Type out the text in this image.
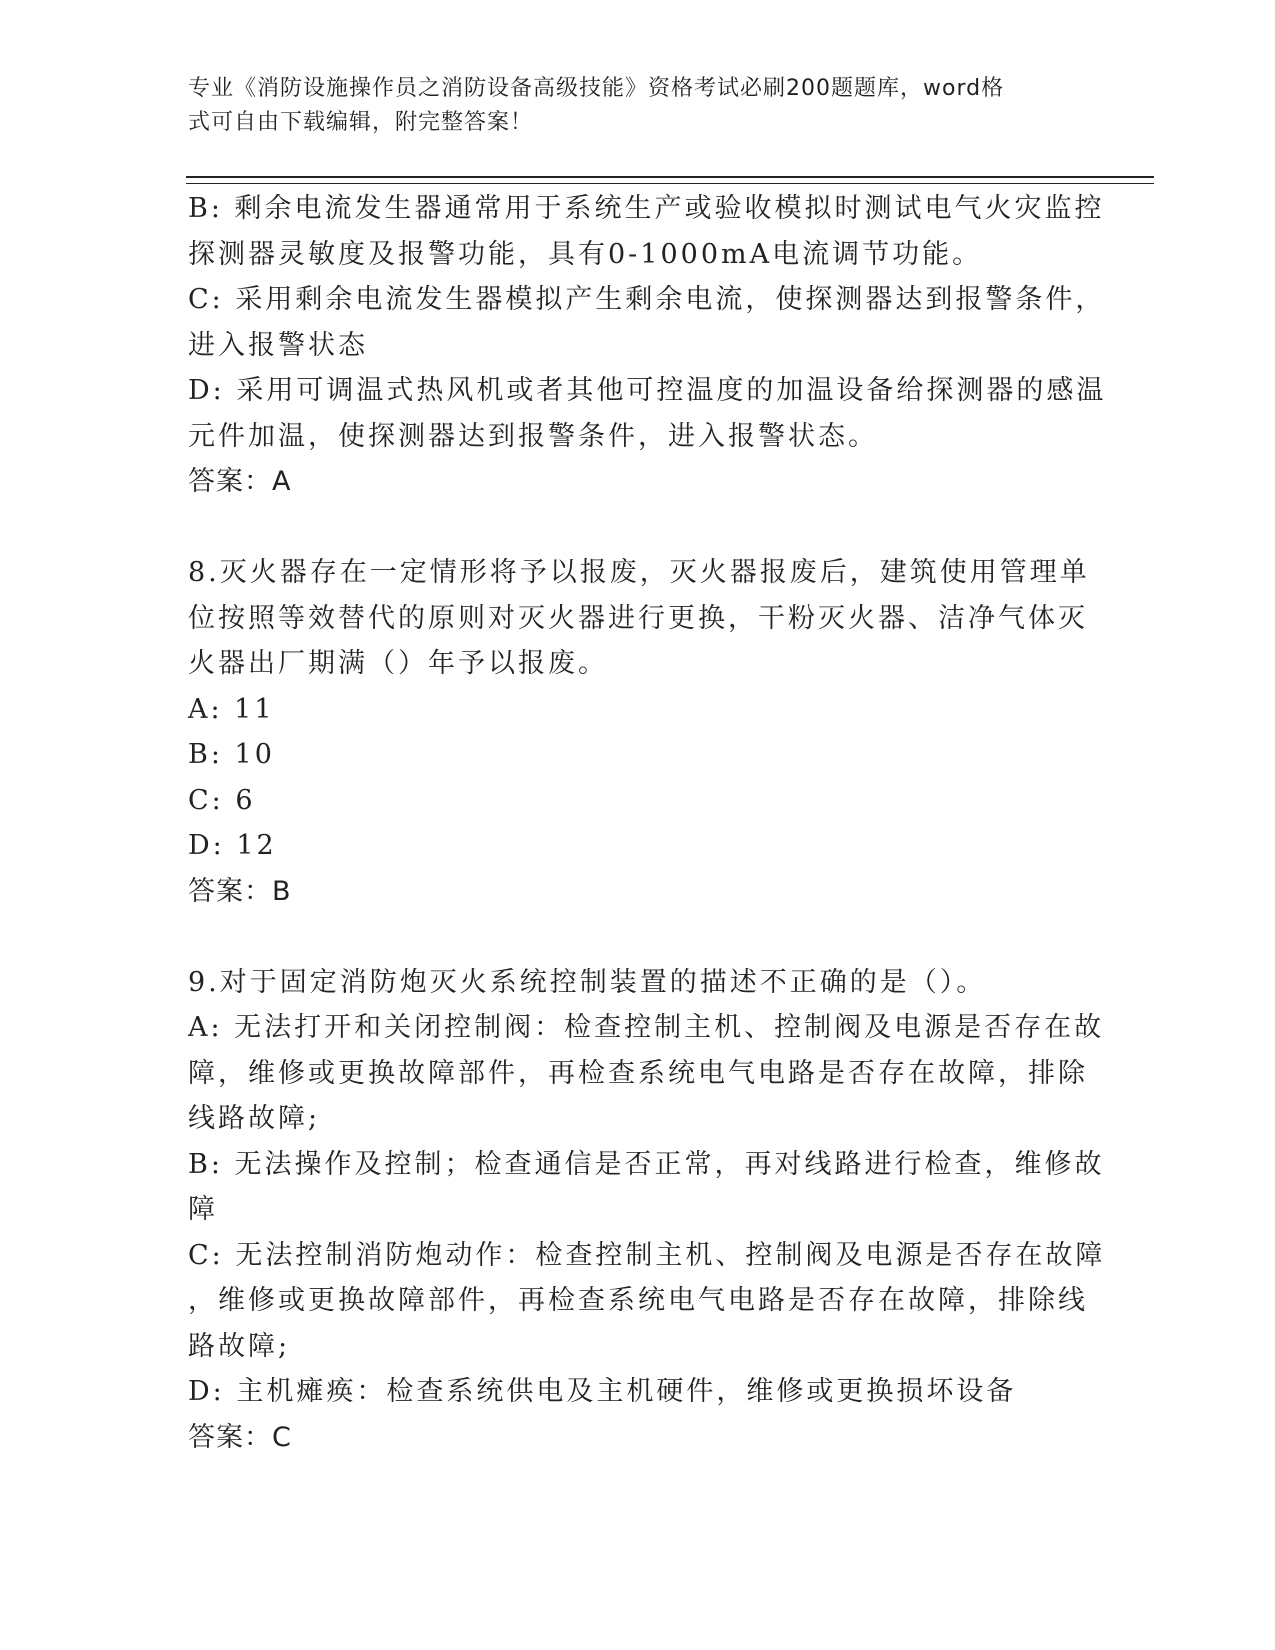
专业《消防设施操作员之消防设备高级技能》资格考试必刷200题题库，word格
式可自由下载编辑，附完整答案！
B: 剩余电流发生器通常用于系统生产或验收模拟时测试电气火灾监控
探测器灵敏度及报警功能，具有0-1000mA电流调节功能。
C: 采用剩余电流发生器模拟产生剩余电流，使探测器达到报警条件，
进入报警状态
D: 采用可调温式热风机或者其他可控温度的加温设备给探测器的感温
元件加温，使探测器达到报警条件，进入报警状态。
答案：A
8.灭火器存在一定情形将予以报废，灭火器报废后，建筑使用管理单
位按照等效替代的原则对灭火器进行更换，干粉灭火器、洁净气体灭
火器出厂期满（）年予以报废。
A: 11
B: 10
C: 6
D: 12
答案：B
9.对于固定消防炮灭火系统控制装置的描述不正确的是（）。
A: 无法打开和关闭控制阀：检查控制主机、控制阀及电源是否存在故
障，维修或更换故障部件，再检查系统电气电路是否存在故障，排除
线路故障;
B: 无法操作及控制；检查通信是否正常，再对线路进行检查，维修故
障
C: 无法控制消防炮动作：检查控制主机、控制阀及电源是否存在故障
，维修或更换故障部件，再检查系统电气电路是否存在故障，排除线
路故障;
D: 主机瘫痪：检查系统供电及主机硬件，维修或更换损坏设备
答案：C
